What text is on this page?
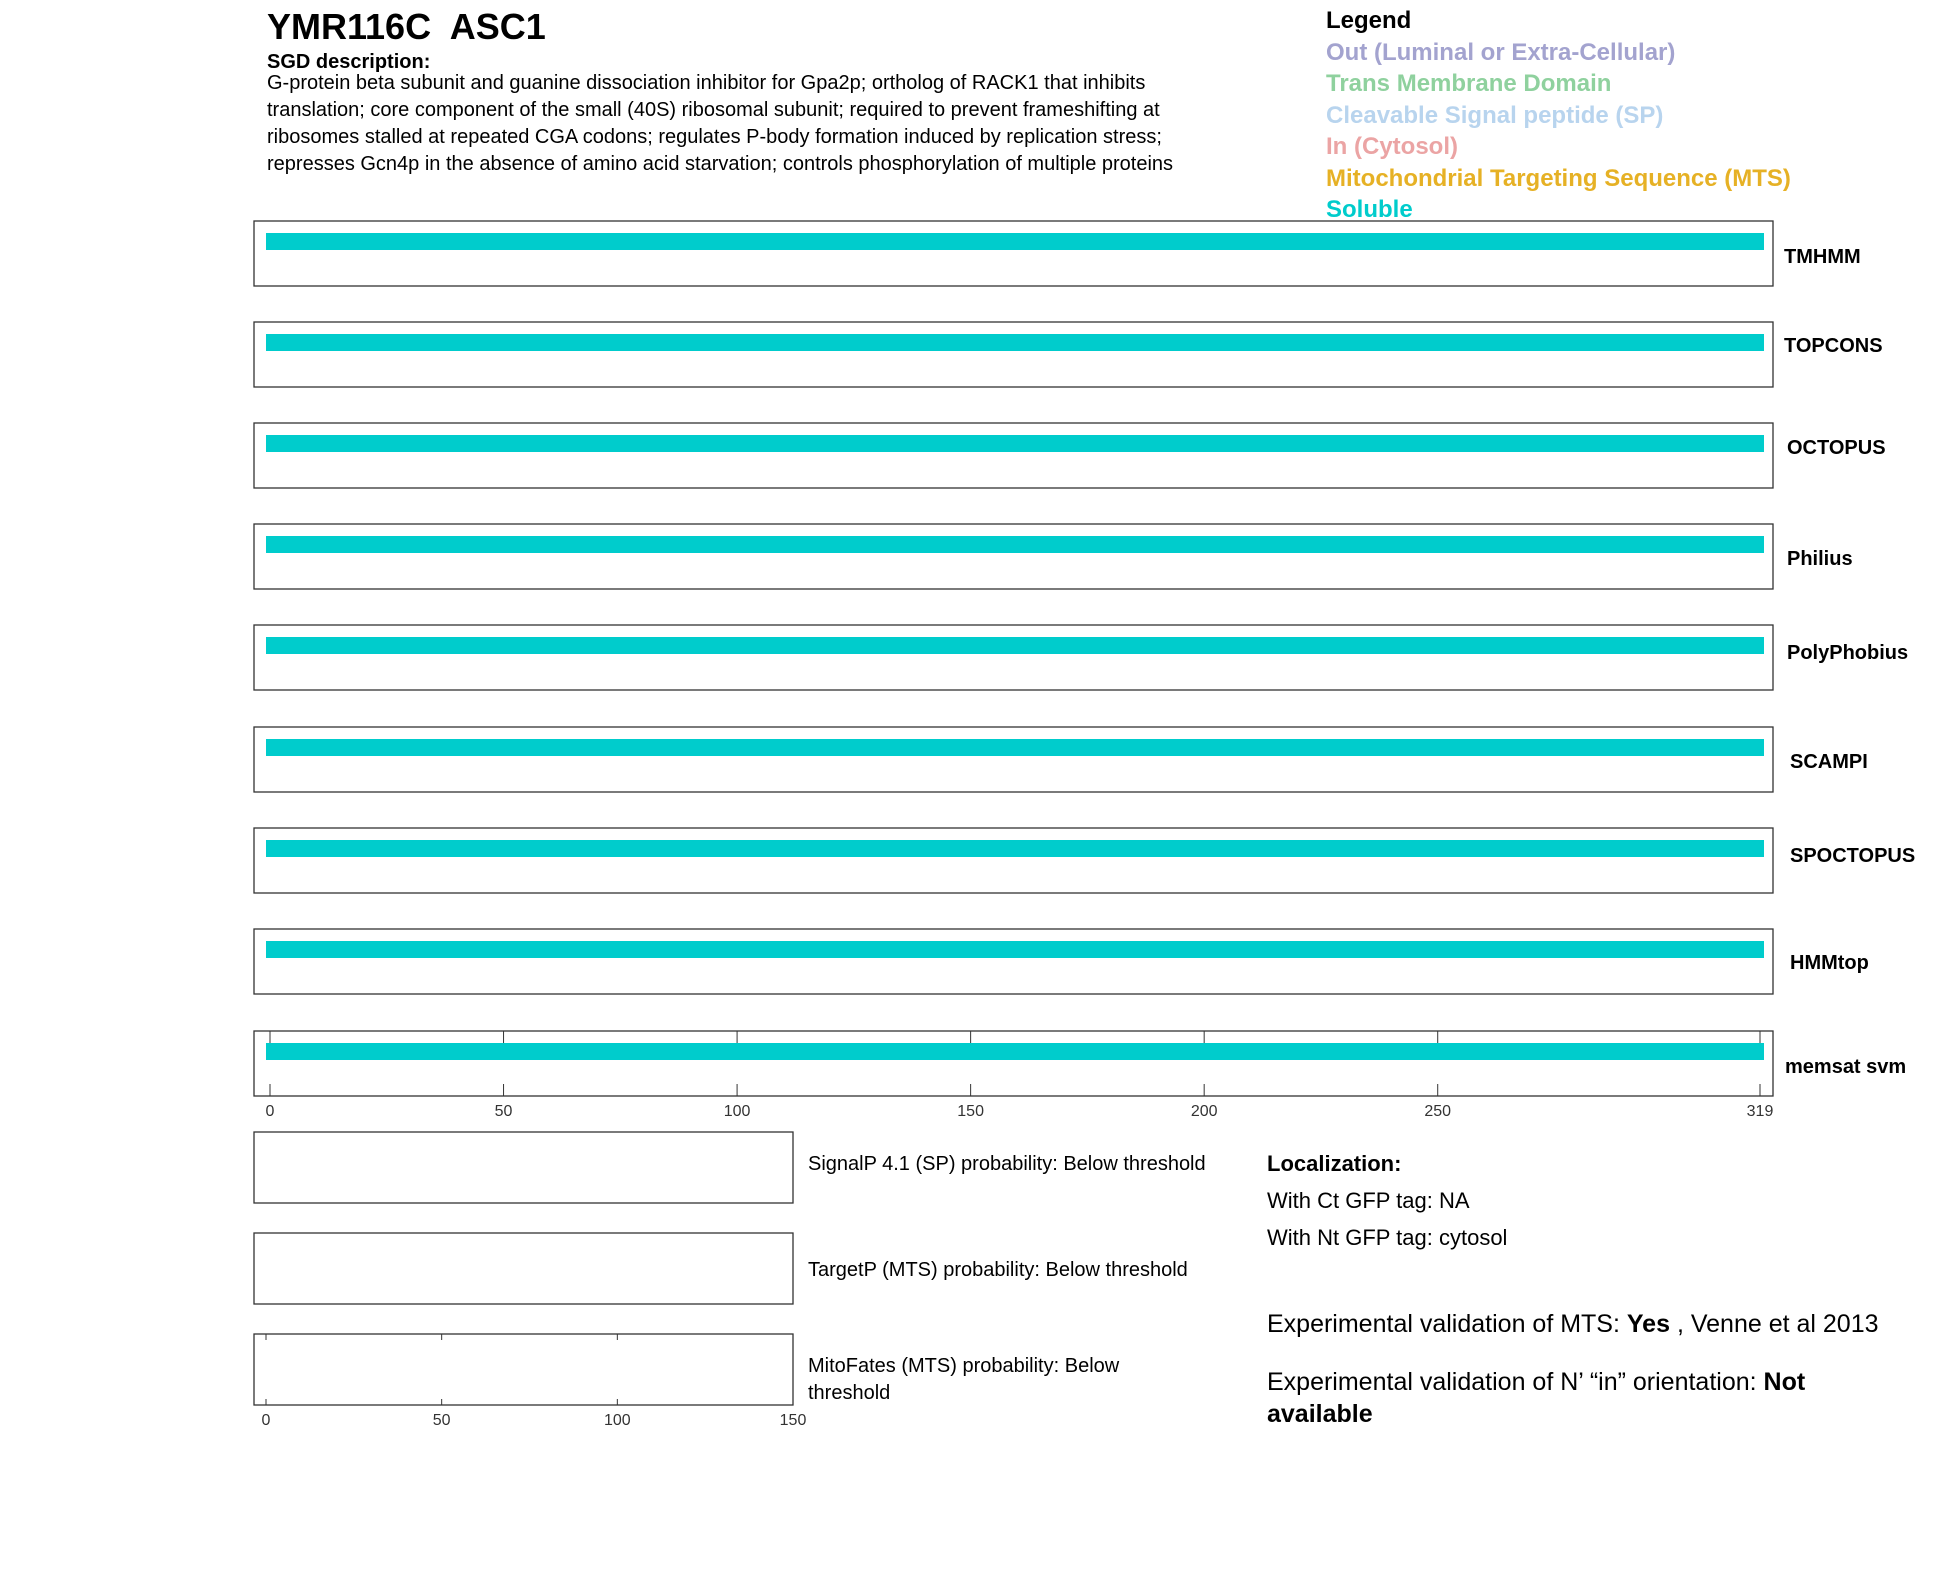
YMR116C  ASC1
SGD description:
G-protein beta subunit and guanine dissociation inhibitor for Gpa2p; ortholog of RACK1 that inhibits translation; core component of the small (40S) ribosomal subunit; required to prevent frameshifting at ribosomes stalled at repeated CGA codons; regulates P-body formation induced by replication stress; represses Gcn4p in the absence of amino acid starvation; controls phosphorylation of multiple proteins
Legend
Out (Luminal or Extra-Cellular)
Trans Membrane Domain
Cleavable Signal peptide (SP)
In (Cytosol)
Mitochondrial Targeting Sequence (MTS)
Soluble
TMHMM
TOPCONS
OCTOPUS
Philius
PolyPhobius
SCAMPI
SPOCTOPUS
HMMtop
memsat svm
0	50	100	150	200	250	319
0	50	100	150
SignalP 4.1 (SP) probability: Below threshold
TargetP (MTS) probability: Below threshold
MitoFates (MTS) probability: Below threshold
Localization:
With Ct GFP tag: NA
With Nt GFP tag: cytosol
Experimental validation of MTS: Yes , Venne et al 2013
Experimental validation of N’ “in” orientation: Not available
